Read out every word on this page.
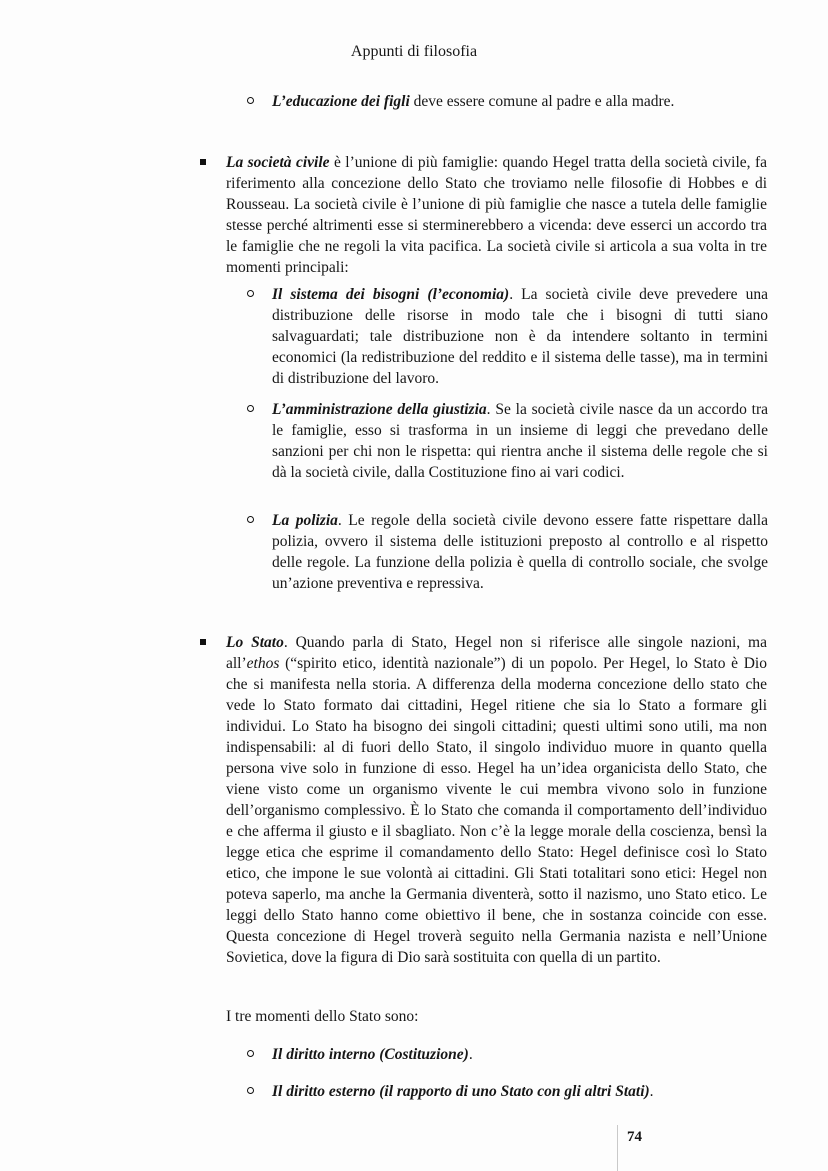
Appunti di filosofia

L’educazione dei figli deve essere comune al padre e alla madre.

La società civile è l’unione di più famiglie: quando Hegel tratta della società civile, fa riferimento alla concezione dello Stato che troviamo nelle filosofie di Hobbes e di Rousseau. La società civile è l’unione di più famiglie che nasce a tutela delle famiglie stesse perché altrimenti esse si sterminerebbero a vicenda: deve esserci un accordo tra le famiglie che ne regoli la vita pacifica. La società civile si articola a sua volta in tre momenti principali:

Il sistema dei bisogni (l’economia). La società civile deve prevedere una distribuzione delle risorse in modo tale che i bisogni di tutti siano salvaguardati; tale distribuzione non è da intendere soltanto in termini economici (la redistribuzione del reddito e il sistema delle tasse), ma in termini di distribuzione del lavoro.

L’amministrazione della giustizia. Se la società civile nasce da un accordo tra le famiglie, esso si trasforma in un insieme di leggi che prevedano delle sanzioni per chi non le rispetta: qui rientra anche il sistema delle regole che si dà la società civile, dalla Costituzione fino ai vari codici.

La polizia. Le regole della società civile devono essere fatte rispettare dalla polizia, ovvero il sistema delle istituzioni preposto al controllo e al rispetto delle regole. La funzione della polizia è quella di controllo sociale, che svolge un’azione preventiva e repressiva.

Lo Stato. Quando parla di Stato, Hegel non si riferisce alle singole nazioni, ma all’ethos (“spirito etico, identità nazionale”) di un popolo. Per Hegel, lo Stato è Dio che si manifesta nella storia. A differenza della moderna concezione dello stato che vede lo Stato formato dai cittadini, Hegel ritiene che sia lo Stato a formare gli individui. Lo Stato ha bisogno dei singoli cittadini; questi ultimi sono utili, ma non indispensabili: al di fuori dello Stato, il singolo individuo muore in quanto quella persona vive solo in funzione di esso. Hegel ha un’idea organicista dello Stato, che viene visto come un organismo vivente le cui membra vivono solo in funzione dell’organismo complessivo. È lo Stato che comanda il comportamento dell’individuo e che afferma il giusto e il sbagliato. Non c’è la legge morale della coscienza, bensì la legge etica che esprime il comandamento dello Stato: Hegel definisce così lo Stato etico, che impone le sue volontà ai cittadini. Gli Stati totalitari sono etici: Hegel non poteva saperlo, ma anche la Germania diventerà, sotto il nazismo, uno Stato etico. Le leggi dello Stato hanno come obiettivo il bene, che in sostanza coincide con esse. Questa concezione di Hegel troverà seguito nella Germania nazista e nell’Unione Sovietica, dove la figura di Dio sarà sostituita con quella di un partito.

I tre momenti dello Stato sono:

Il diritto interno (Costituzione).

Il diritto esterno (il rapporto di uno Stato con gli altri Stati).

74
